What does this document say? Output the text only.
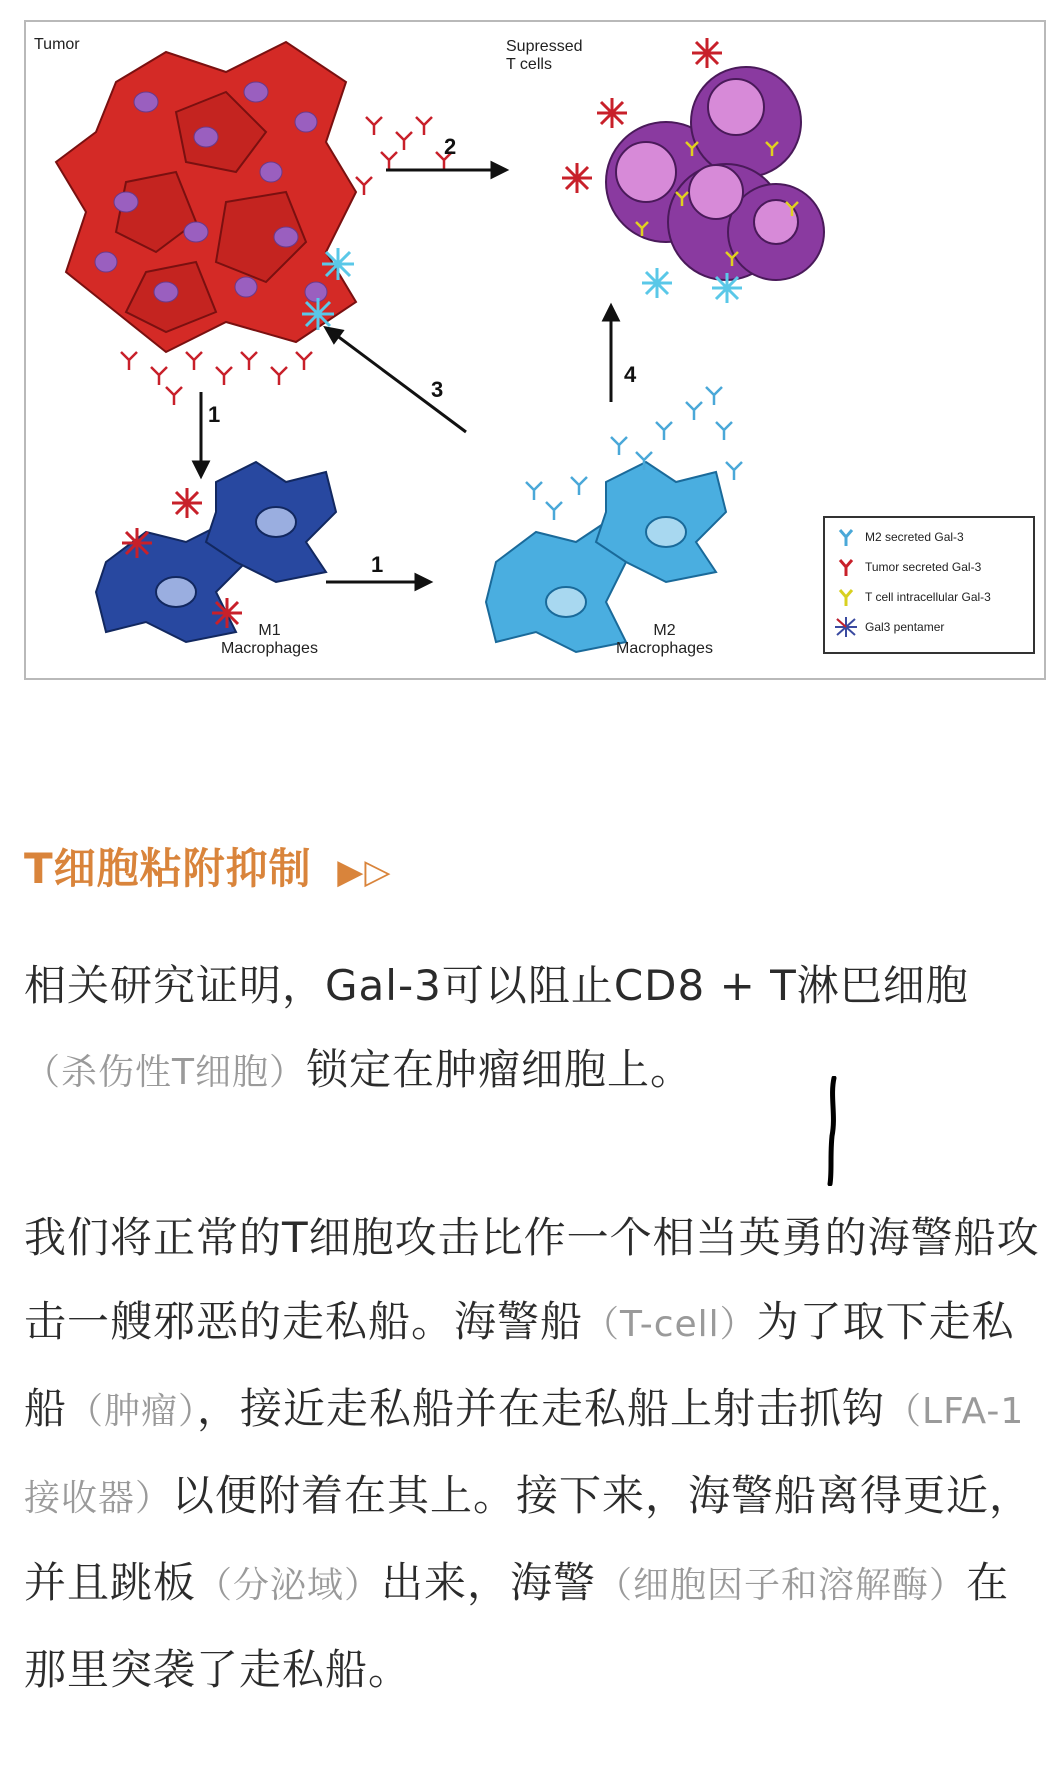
Tumor	Supressed
T cells
M1
Macrophages
M2
Macrophages
2
1
1
3
4
M2 secreted Gal-3
Tumor secreted Gal-3
T cell intracellular Gal-3
Gal3 pentamer
T细胞粘附抑制 ▶▷
相关研究证明，Gal-3可以阻止CD8 + T淋巴细胞（杀伤性T细胞）锁定在肿瘤细胞上。
我们将正常的T细胞攻击比作一个相当英勇的海警船攻击一艘邪恶的走私船。海警船（T-cell）为了取下走私船（肿瘤），接近走私船并在走私船上射击抓钩（LFA-1接收器）以便附着在其上。接下来，海警船离得更近，并且跳板（分泌域）出来，海警（细胞因子和溶解酶）在那里突袭了走私船。
